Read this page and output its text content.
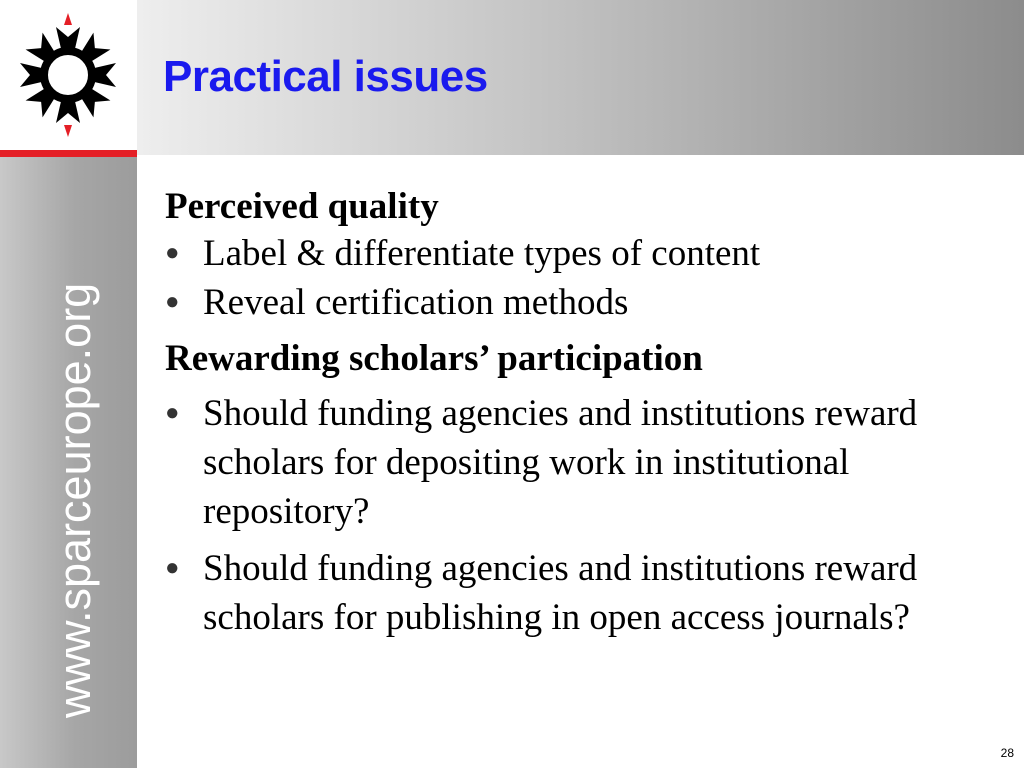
Practical issues
www.sparceurope.org

Perceived quality

● Label & differentiate types of content
● Reveal certification methods

Rewarding scholars’ participation

● Should funding agencies and institutions reward scholars for depositing work in institutional repository?
● Should funding agencies and institutions reward scholars for publishing in open access journals?
28
